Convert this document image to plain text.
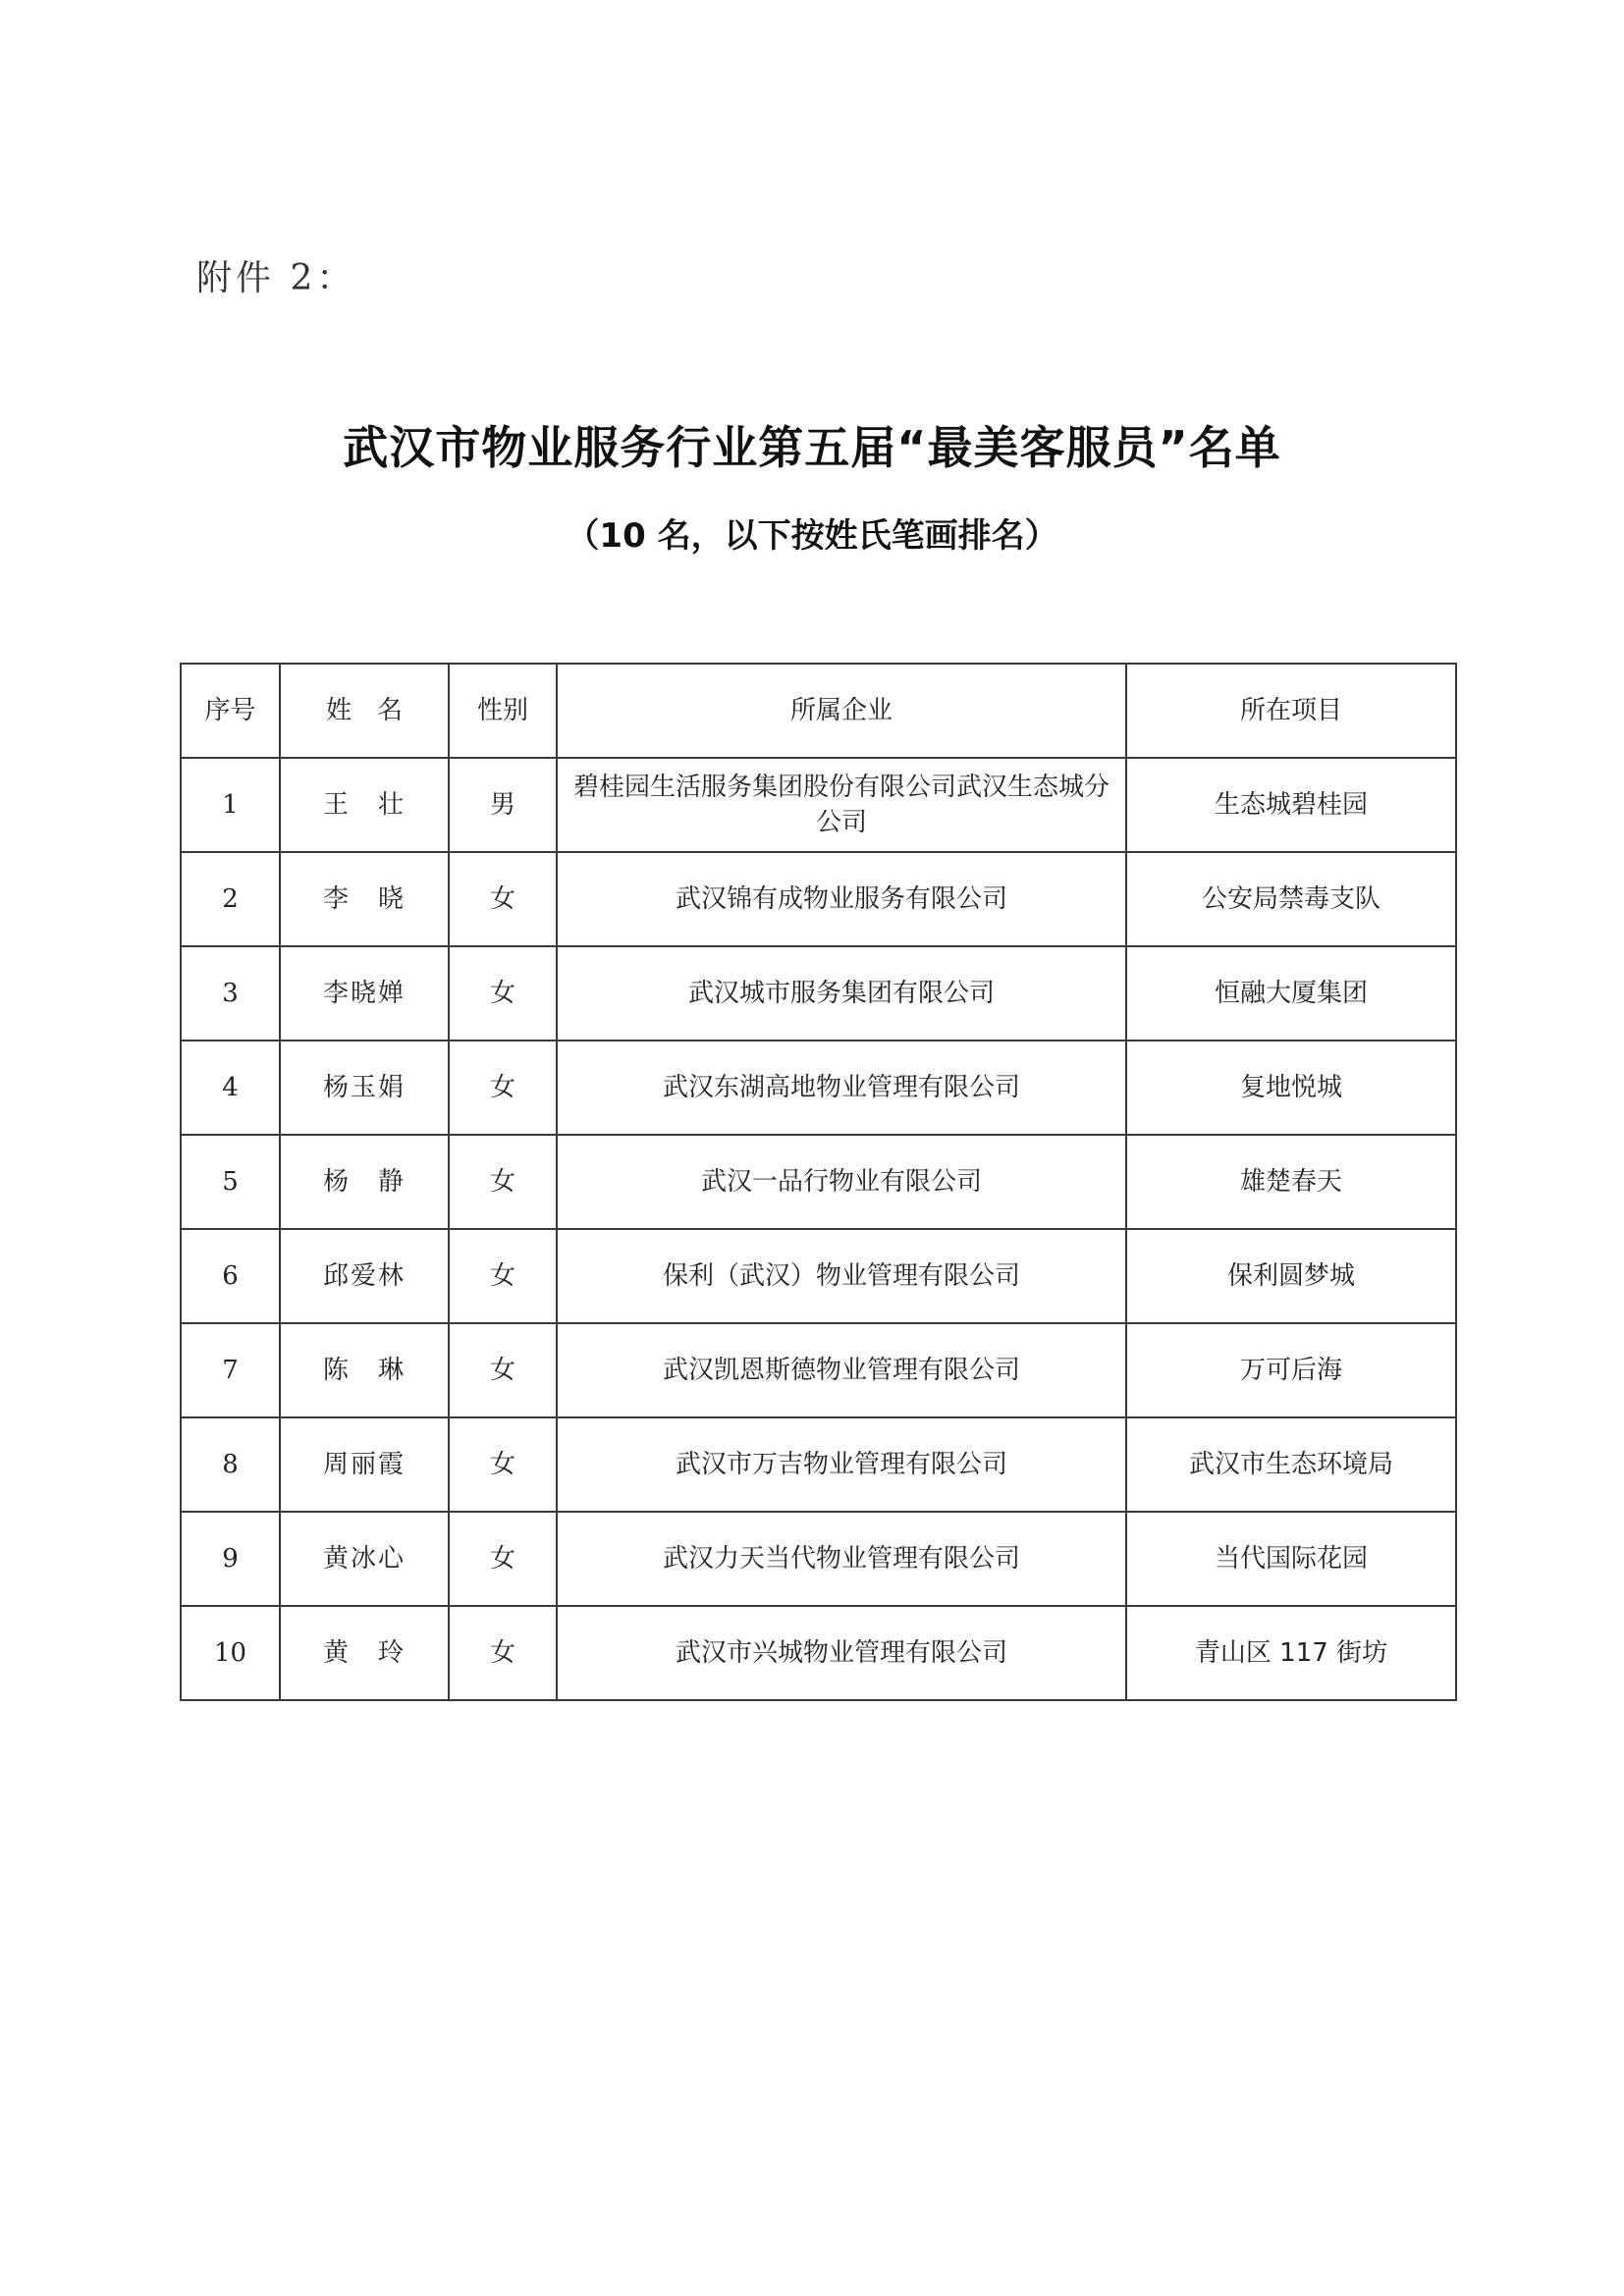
附件 2：
武汉市物业服务行业第五届“最美客服员”名单
（10 名，以下按姓氏笔画排名）
序号	姓　名	性别	所属企业	所在项目
1	王　壮	男	碧桂园生活服务集团股份有限公司武汉生态城分公司	生态城碧桂园
2	李　晓	女	武汉锦有成物业服务有限公司	公安局禁毒支队
3	李晓婵	女	武汉城市服务集团有限公司	恒融大厦集团
4	杨玉娟	女	武汉东湖高地物业管理有限公司	复地悦城
5	杨　静	女	武汉一品行物业有限公司	雄楚春天
6	邱爱林	女	保利（武汉）物业管理有限公司	保利圆梦城
7	陈　琳	女	武汉凯恩斯德物业管理有限公司	万可后海
8	周丽霞	女	武汉市万吉物业管理有限公司	武汉市生态环境局
9	黄冰心	女	武汉力天当代物业管理有限公司	当代国际花园
10	黄　玲	女	武汉市兴城物业管理有限公司	青山区 117 街坊
